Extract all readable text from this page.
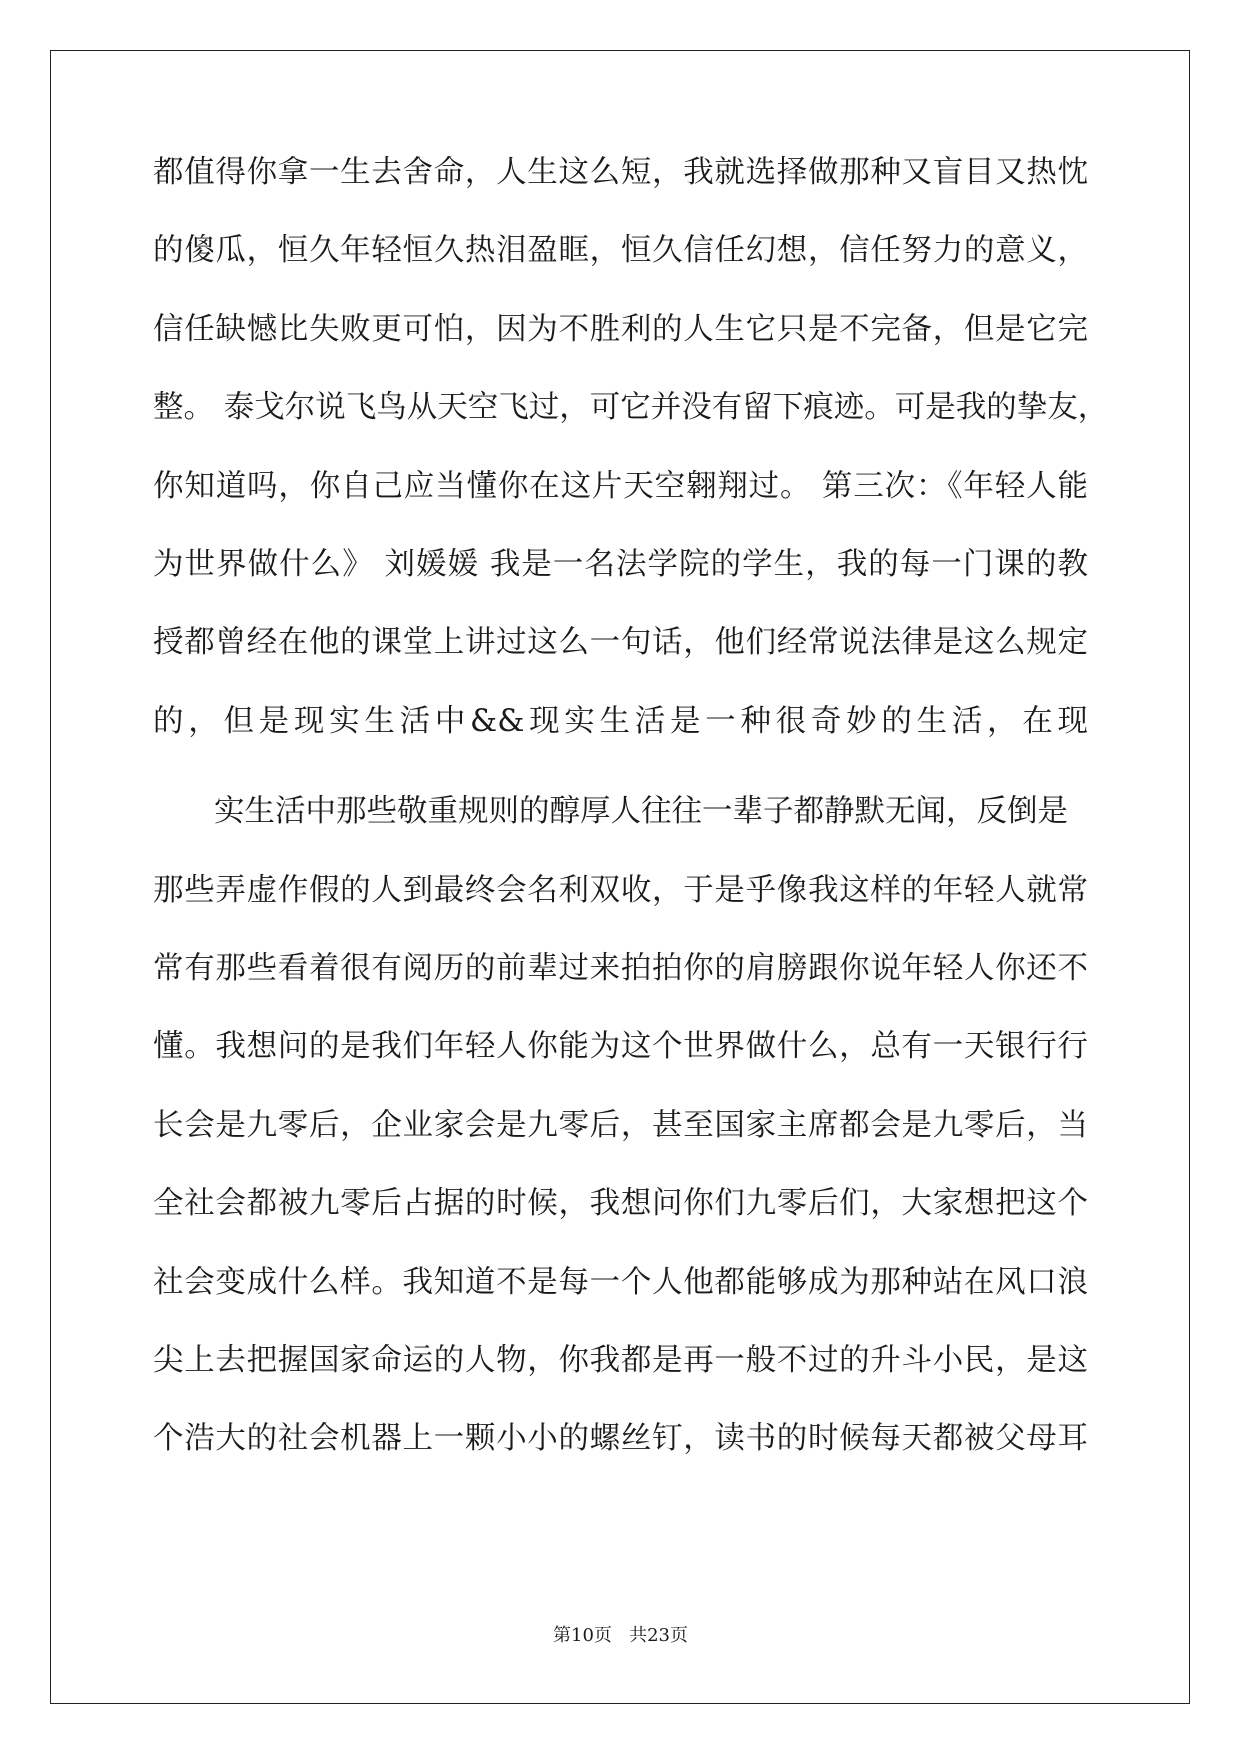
都值得你拿一生去舍命，人生这么短，我就选择做那种又盲目又热忱
的傻瓜，恒久年轻恒久热泪盈眶，恒久信任幻想，信任努力的意义，
信任缺憾比失败更可怕，因为不胜利的人生它只是不完备，但是它完
整。 泰戈尔说飞鸟从天空飞过，可它并没有留下痕迹。可是我的挚友，
你知道吗，你自己应当懂你在这片天空翱翔过。 第三次：《年轻人能
为世界做什么》 刘媛媛 我是一名法学院的学生，我的每一门课的教
授都曾经在他的课堂上讲过这么一句话，他们经常说法律是这么规定
的，但是现实生活中&&现实生活是一种很奇妙的生活，在现
　　实生活中那些敬重规则的醇厚人往往一辈子都静默无闻，反倒是
那些弄虚作假的人到最终会名利双收，于是乎像我这样的年轻人就常
常有那些看着很有阅历的前辈过来拍拍你的肩膀跟你说年轻人你还不
懂。我想问的是我们年轻人你能为这个世界做什么，总有一天银行行
长会是九零后，企业家会是九零后，甚至国家主席都会是九零后，当
全社会都被九零后占据的时候，我想问你们九零后们，大家想把这个
社会变成什么样。我知道不是每一个人他都能够成为那种站在风口浪
尖上去把握国家命运的人物，你我都是再一般不过的升斗小民，是这
个浩大的社会机器上一颗小小的螺丝钉，读书的时候每天都被父母耳
第10页 共23页
